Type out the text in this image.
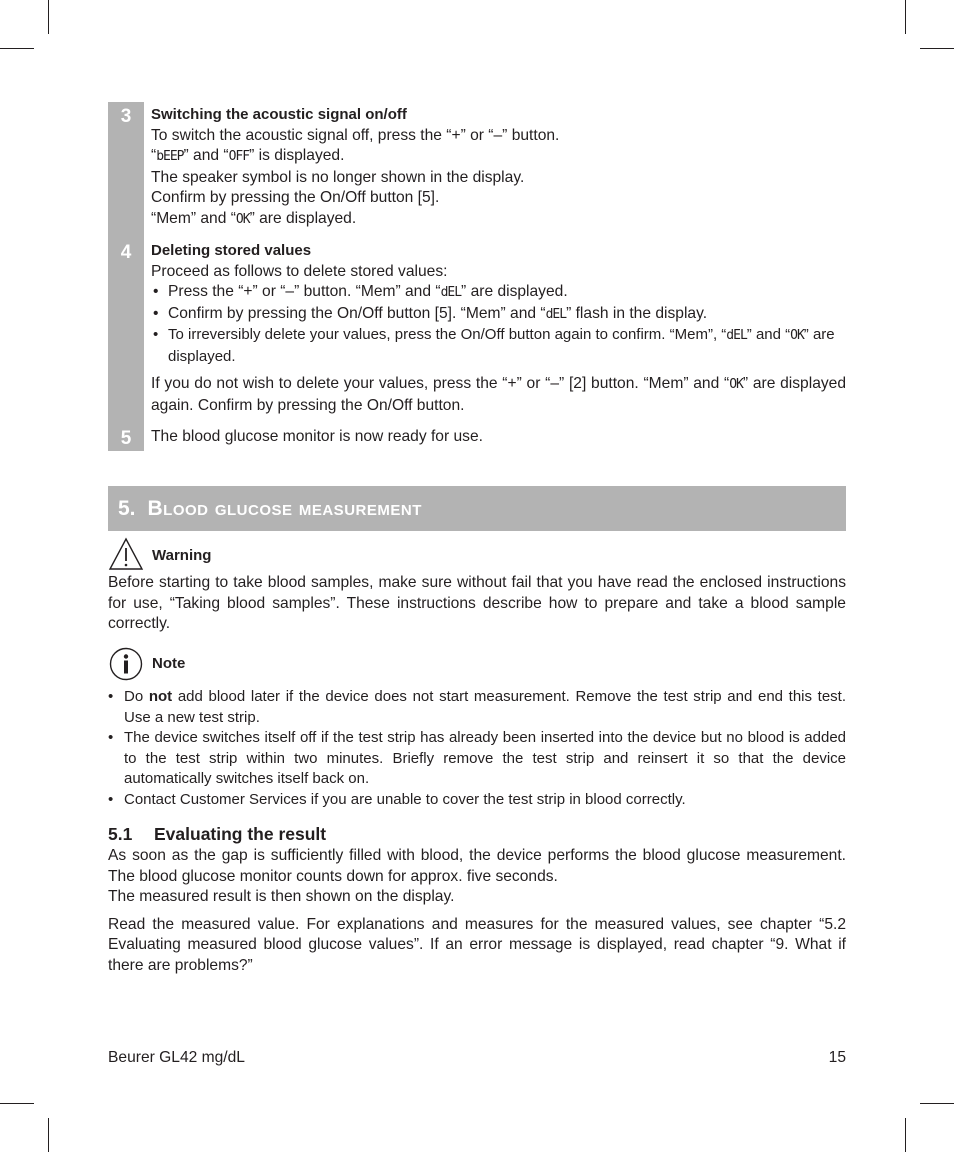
3	Switching the acoustic signal on/off
To switch the acoustic signal off, press the “+” or “–” button.
“bEEP” and “OFF” is displayed.
The speaker symbol is no longer shown in the display.
Confirm by pressing the On/Off button [5].
“Mem” and “OK” are displayed.
4	Deleting stored values
Proceed as follows to delete stored values:
• Press the “+” or “–” button. “Mem” and “dEL” are displayed.
• Confirm by pressing the On/Off button [5]. “Mem” and “dEL” flash in the display.
• To irreversibly delete your values, press the On/Off button again to confirm. “Mem”, “dEL” and “OK” are displayed.
If you do not wish to delete your values, press the “+” or “–” [2] button. “Mem” and “OK” are displayed again. Confirm by pressing the On/Off button.
5	The blood glucose monitor is now ready for use.
5. Blood glucose measurement
Warning
Before starting to take blood samples, make sure without fail that you have read the enclosed instructions for use, “Taking blood samples”. These instructions describe how to prepare and take a blood sample correctly.
Note
• Do not add blood later if the device does not start measurement. Remove the test strip and end this test. Use a new test strip.
• The device switches itself off if the test strip has already been inserted into the device but no blood is added to the test strip within two minutes. Briefly remove the test strip and reinsert it so that the device automatically switches itself back on.
• Contact Customer Services if you are unable to cover the test strip in blood correctly.
5.1 Evaluating the result
As soon as the gap is sufficiently filled with blood, the device performs the blood glucose measurement. The blood glucose monitor counts down for approx. five seconds.
The measured result is then shown on the display.
Read the measured value. For explanations and measures for the measured values, see chapter “5.2 Evaluating measured blood glucose values”. If an error message is displayed, read chapter “9. What if there are problems?”
Beurer GL42 mg/dL	15
